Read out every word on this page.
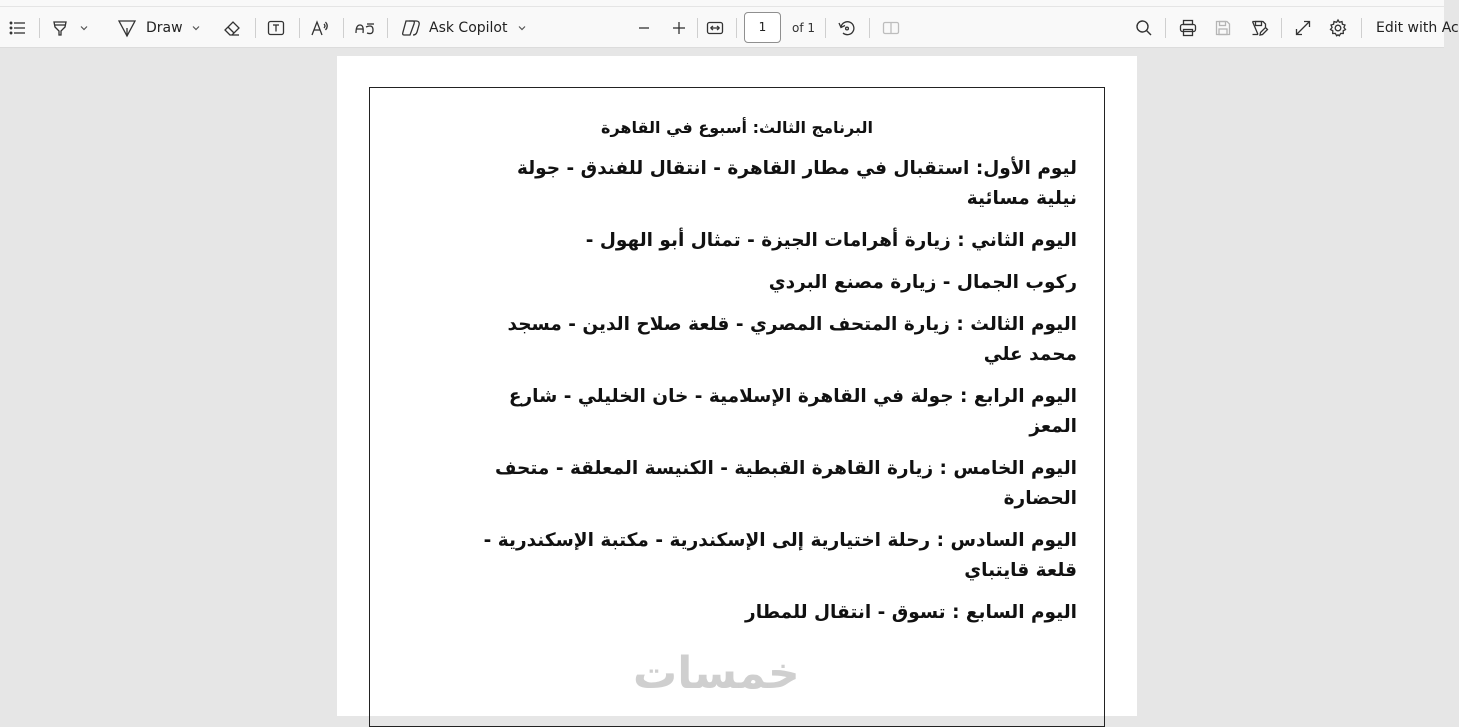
Draw	Ask Copilot	1	of 1	Edit with Ac
البرنامج الثالث: أسبوع في القاهرة
ليوم الأول: استقبال في مطار القاهرة - انتقال للفندق - جولة نيلية مسائية
اليوم الثاني : زيارة أهرامات الجيزة - تمثال أبو الهول -
ركوب الجمال - زيارة مصنع البردي
اليوم الثالث : زيارة المتحف المصري - قلعة صلاح الدين - مسجد محمد علي
اليوم الرابع : جولة في القاهرة الإسلامية - خان الخليلي - شارع المعز
اليوم الخامس : زيارة القاهرة القبطية - الكنيسة المعلقة - متحف الحضارة
اليوم السادس : رحلة اختيارية إلى الإسكندرية - مكتبة الإسكندرية - قلعة قايتباي
اليوم السابع : تسوق - انتقال للمطار
خمسات
